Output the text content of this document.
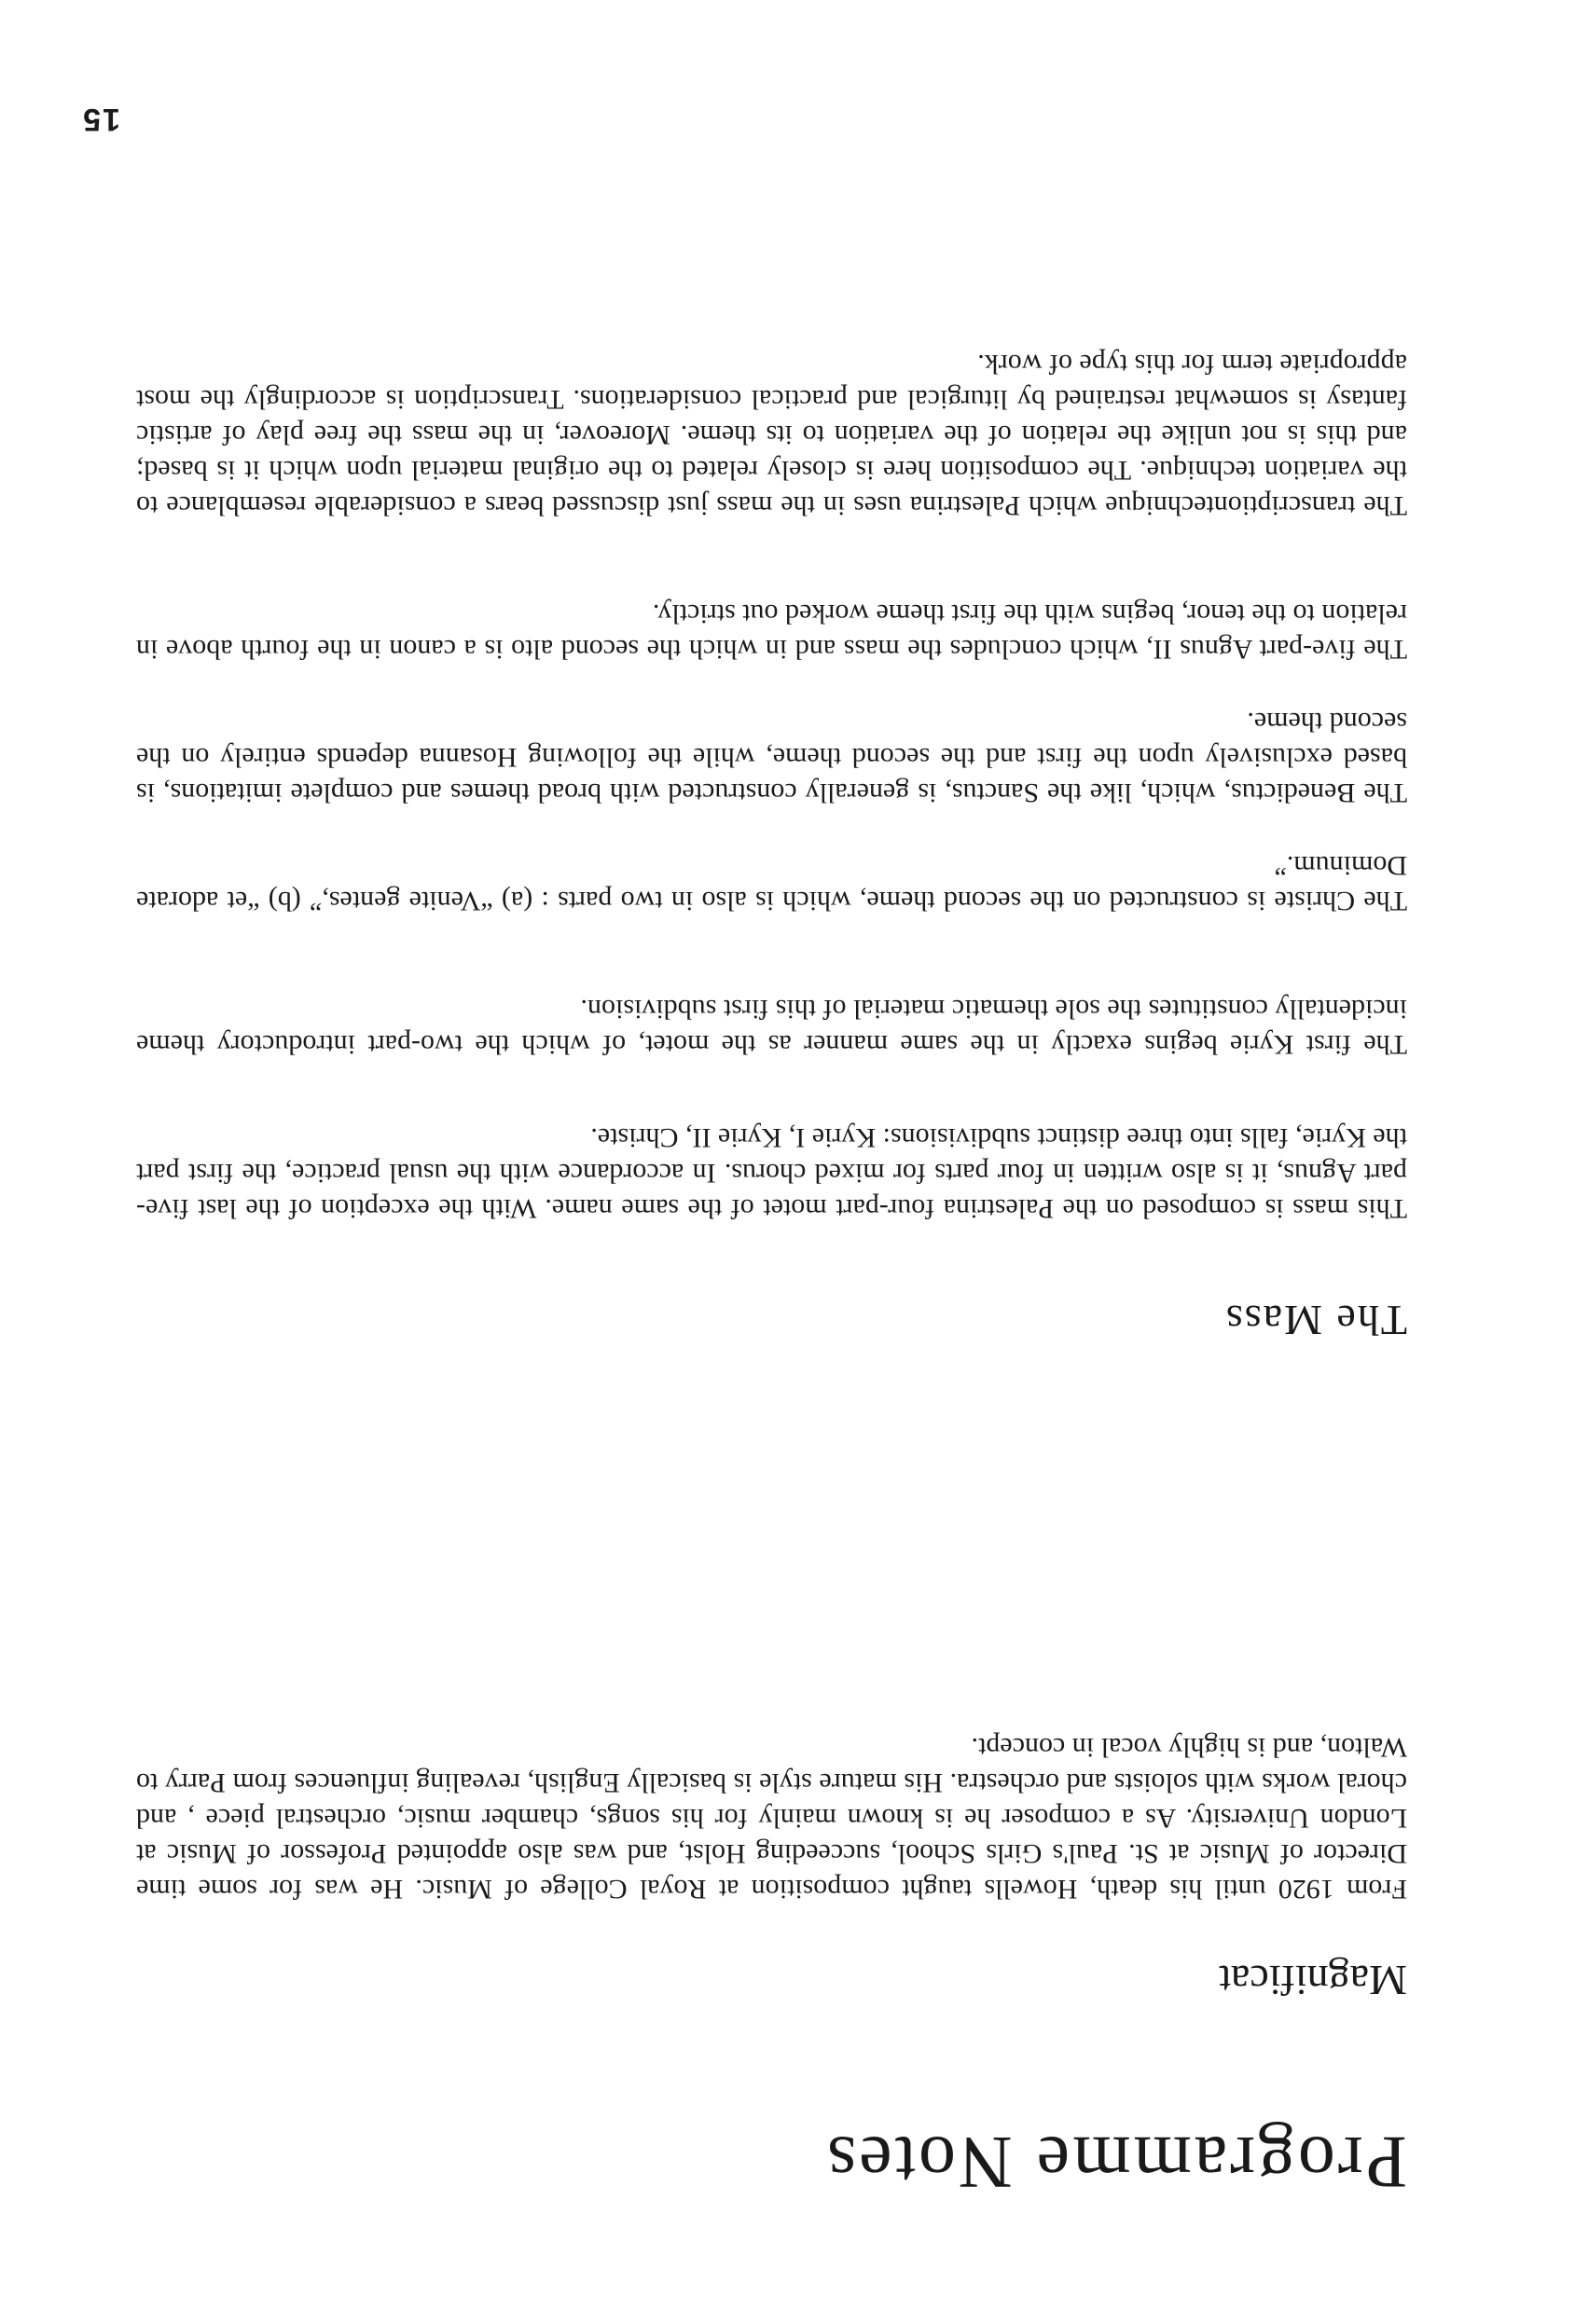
Programme Notes
Magnificat

From 1920 until his death, Howells taught composition at Royal College of Music. He was for some time Director of Music at St. Paul's Girls School, succeeding Holst, and was also appointed Professor of Music at London University. As a composer he is known mainly for his songs, chamber music, orchestral piece , and choral works with soloists and orchestra. His mature style is basically English, revealing influences from Parry to Walton, and is highly vocal in concept.

The Mass

This mass is composed on the Palestrina four-part motet of the same name. With the exception of the last five-part Agnus, it is also written in four parts for mixed chorus. In accordance with the usual practice, the first part the Kyrie, falls into three distinct subdivisions: Kyrie I, Kyrie II, Christe.

The first Kyrie begins exactly in the same manner as the motet, of which the two-part introductory theme incidentally constitutes the sole thematic material of this first subdivision.

The Christe is constructed on the second theme, which is also in two parts : (a) “Venite gentes,” (b) “et adorate Dominum.”

The Benedictus, which, like the Sanctus, is generally constructed with broad themes and complete imitations, is based exclusively upon the first and the second theme, while the following Hosanna depends entirely on the second theme.

The five-part Agnus II, which concludes the mass and in which the second alto is a canon in the fourth above in relation to the tenor, begins with the first theme worked out strictly.

The transcriptiontechnique which Palestrina uses in the mass just discussed bears a considerable resemblance to the variation technique. The composition here is closely related to the original material upon which it is based; and this is not unlike the relation of the variation to its theme. Moreover, in the mass the free play of artistic fantasy is somewhat restrained by liturgical and practical considerations. Transcription is accordingly the most appropriate term for this type of work.

15
